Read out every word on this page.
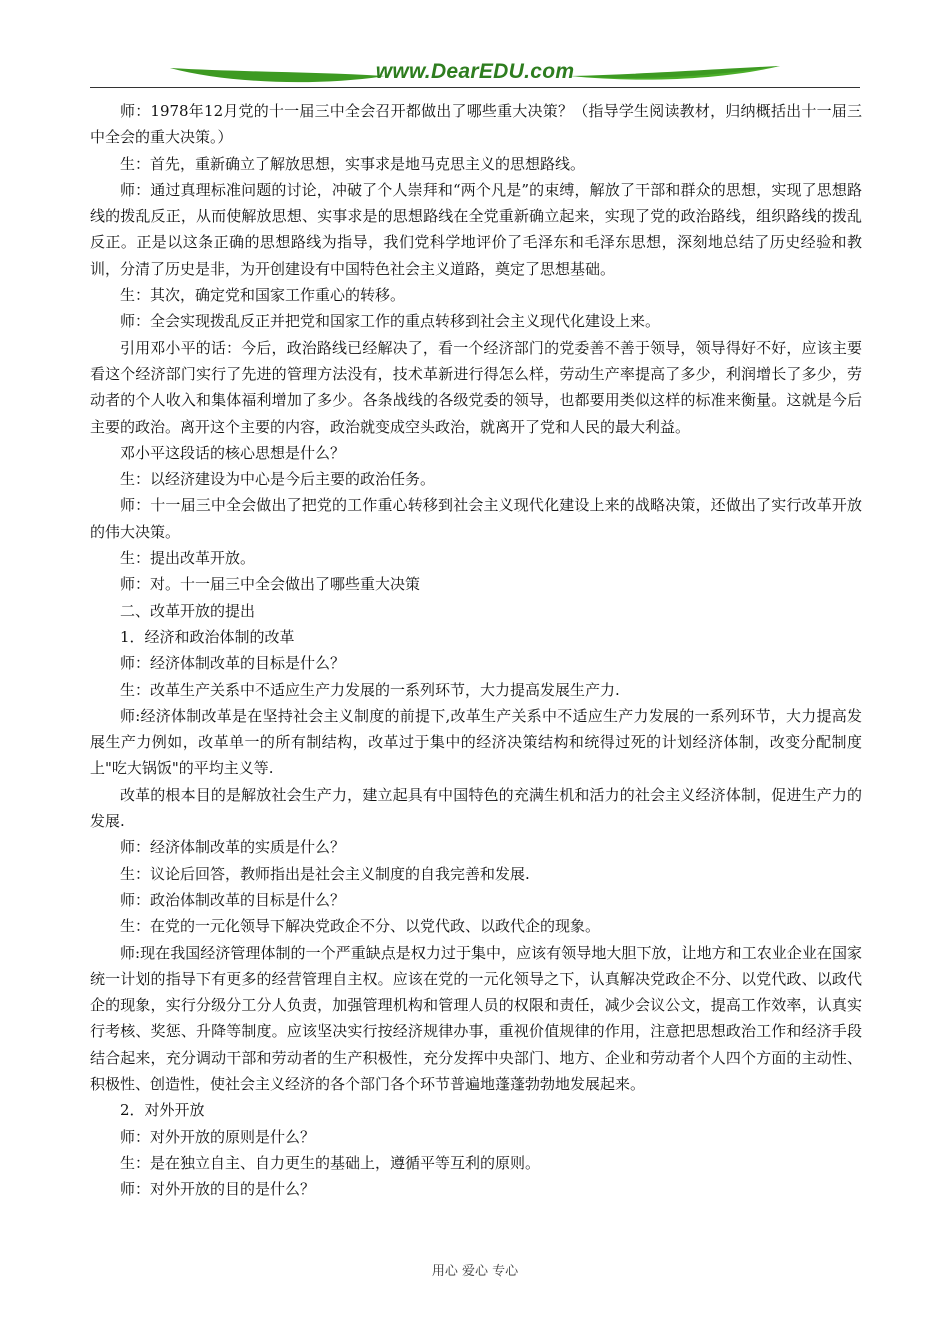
www.DearEDU.com

师：1978年12月党的十一届三中全会召开都做出了哪些重大决策？（指导学生阅读教材，归纳概括出十一届三中全会的重大决策。）

生：首先，重新确立了解放思想，实事求是地马克思主义的思想路线。

师：通过真理标准问题的讨论，冲破了个人崇拜和“两个凡是”的束缚，解放了干部和群众的思想，实现了思想路线的拨乱反正，从而使解放思想、实事求是的思想路线在全党重新确立起来，实现了党的政治路线，组织路线的拨乱反正。正是以这条正确的思想路线为指导，我们党科学地评价了毛泽东和毛泽东思想，深刻地总结了历史经验和教训，分清了历史是非，为开创建设有中国特色社会主义道路，奠定了思想基础。

生：其次，确定党和国家工作重心的转移。

师：全会实现拨乱反正并把党和国家工作的重点转移到社会主义现代化建设上来。

引用邓小平的话：今后，政治路线已经解决了，看一个经济部门的党委善不善于领导，领导得好不好，应该主要看这个经济部门实行了先进的管理方法没有，技术革新进行得怎么样，劳动生产率提高了多少，利润增长了多少，劳动者的个人收入和集体福利增加了多少。各条战线的各级党委的领导，也都要用类似这样的标准来衡量。这就是今后主要的政治。离开这个主要的内容，政治就变成空头政治，就离开了党和人民的最大利益。

邓小平这段话的核心思想是什么？

生：以经济建设为中心是今后主要的政治任务。

师：十一届三中全会做出了把党的工作重心转移到社会主义现代化建设上来的战略决策，还做出了实行改革开放的伟大决策。

生：提出改革开放。

师：对。十一届三中全会做出了哪些重大决策

二、改革开放的提出

1．经济和政治体制的改革

师：经济体制改革的目标是什么？

生：改革生产关系中不适应生产力发展的一系列环节，大力提高发展生产力.

师:经济体制改革是在坚持社会主义制度的前提下,改革生产关系中不适应生产力发展的一系列环节，大力提高发展生产力例如，改革单一的所有制结构，改革过于集中的经济决策结构和统得过死的计划经济体制，改变分配制度上"吃大锅饭"的平均主义等.

改革的根本目的是解放社会生产力，建立起具有中国特色的充满生机和活力的社会主义经济体制，促进生产力的发展.

师：经济体制改革的实质是什么？

生：议论后回答，教师指出是社会主义制度的自我完善和发展.

师：政治体制改革的目标是什么？

生：在党的一元化领导下解决党政企不分、以党代政、以政代企的现象。

师:现在我国经济管理体制的一个严重缺点是权力过于集中，应该有领导地大胆下放，让地方和工农业企业在国家统一计划的指导下有更多的经营管理自主权。应该在党的一元化领导之下，认真解决党政企不分、以党代政、以政代企的现象，实行分级分工分人负责，加强管理机构和管理人员的权限和责任，减少会议公文，提高工作效率，认真实行考核、奖惩、升降等制度。应该坚决实行按经济规律办事，重视价值规律的作用，注意把思想政治工作和经济手段结合起来，充分调动干部和劳动者的生产积极性，充分发挥中央部门、地方、企业和劳动者个人四个方面的主动性、积极性、创造性，使社会主义经济的各个部门各个环节普遍地蓬蓬勃勃地发展起来。

2．对外开放

师：对外开放的原则是什么？

生：是在独立自主、自力更生的基础上，遵循平等互利的原则。

师：对外开放的目的是什么？

用心 爱心 专心
